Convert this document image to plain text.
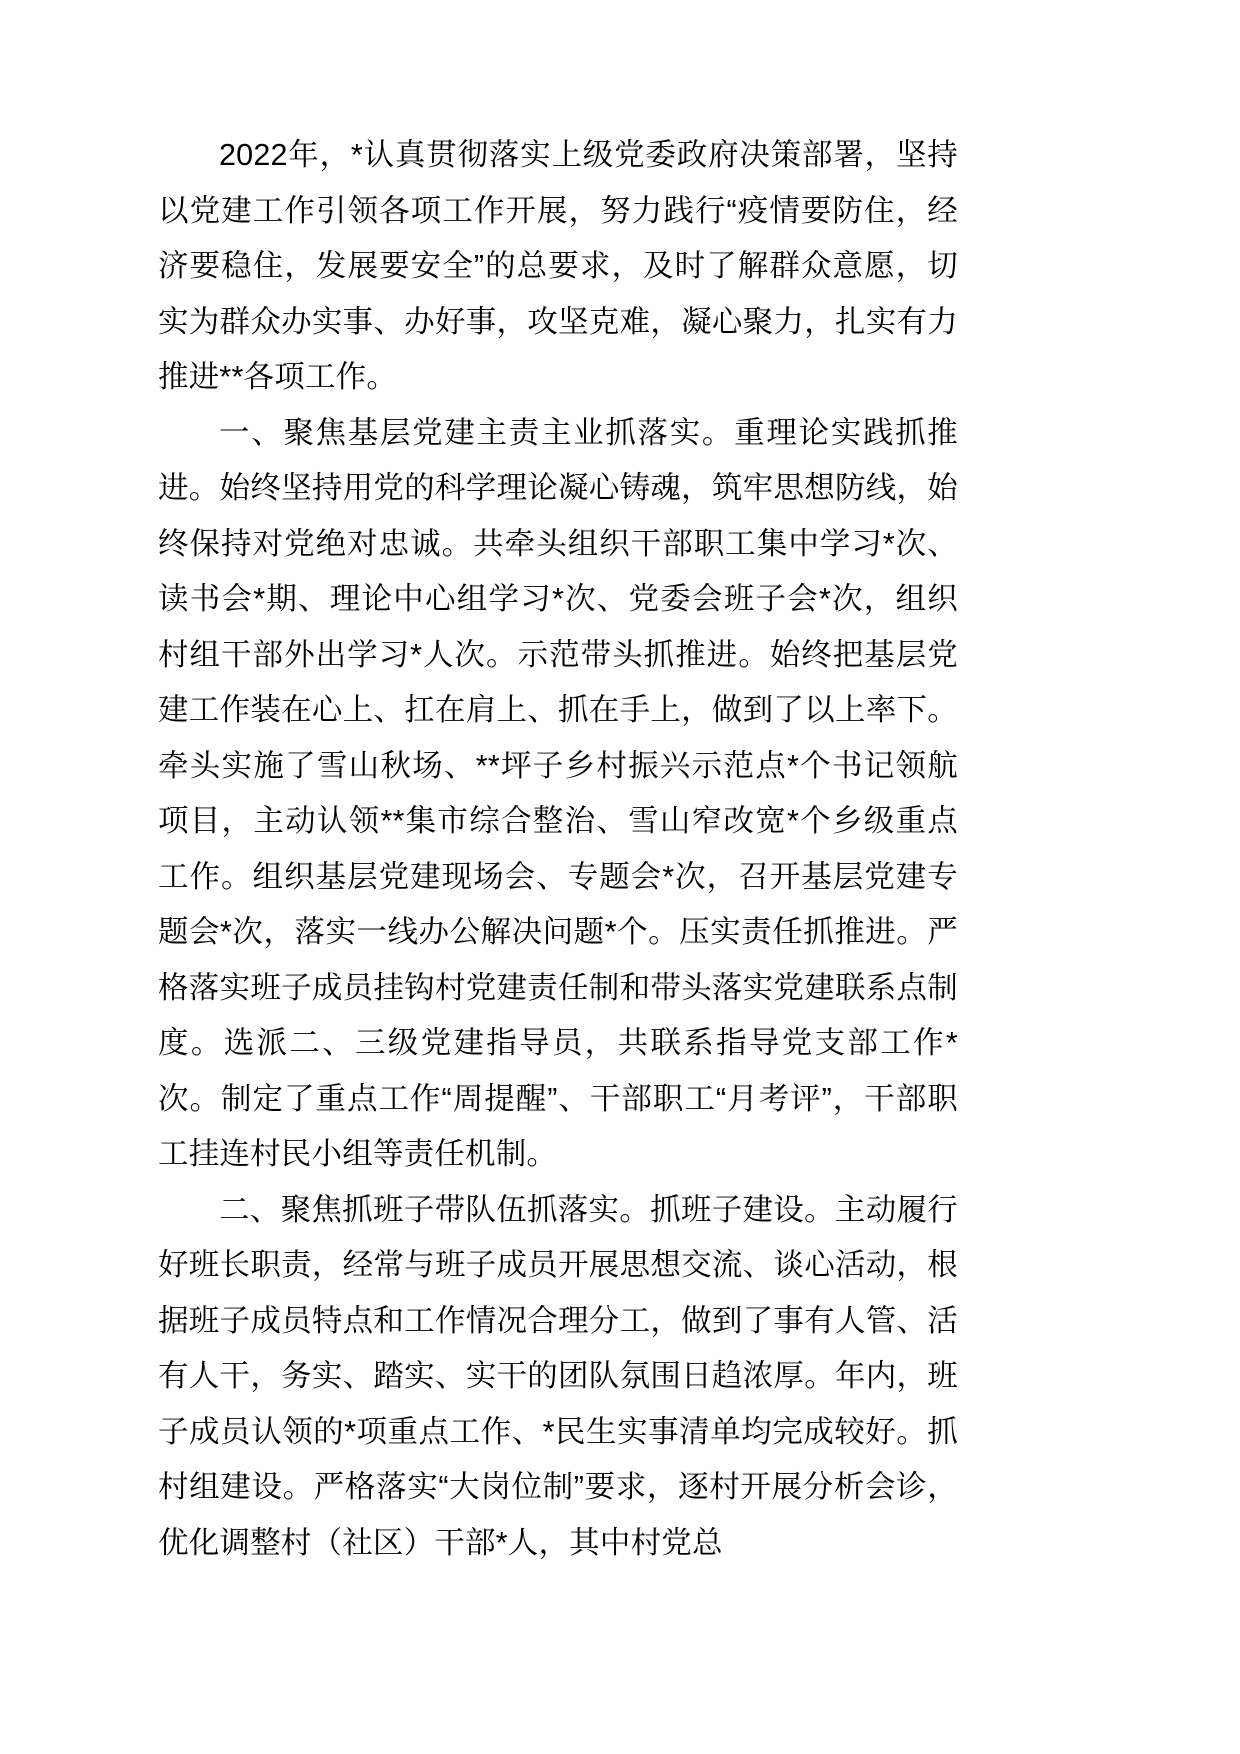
2022年，*认真贯彻落实上级党委政府决策部署，坚持以党建工作引领各项工作开展，努力践行“疫情要防住，经济要稳住，发展要安全”的总要求，及时了解群众意愿，切实为群众办实事、办好事，攻坚克难，凝心聚力，扎实有力推进**各项工作。

一、聚焦基层党建主责主业抓落实。重理论实践抓推进。始终坚持用党的科学理论凝心铸魂，筑牢思想防线，始终保持对党绝对忠诚。共牵头组织干部职工集中学习*次、读书会*期、理论中心组学习*次、党委会班子会*次，组织村组干部外出学习*人次。示范带头抓推进。始终把基层党建工作装在心上、扛在肩上、抓在手上，做到了以上率下。牵头实施了雪山秋场、**坪子乡村振兴示范点*个书记领航项目，主动认领**集市综合整治、雪山窄改宽*个乡级重点工作。组织基层党建现场会、专题会*次，召开基层党建专题会*次，落实一线办公解决问题*个。压实责任抓推进。严格落实班子成员挂钩村党建责任制和带头落实党建联系点制度。选派二、三级党建指导员，共联系指导党支部工作*次。制定了重点工作“周提醒”、干部职工“月考评”，干部职工挂连村民小组等责任机制。

二、聚焦抓班子带队伍抓落实。抓班子建设。主动履行好班长职责，经常与班子成员开展思想交流、谈心活动，根据班子成员特点和工作情况合理分工，做到了事有人管、活有人干，务实、踏实、实干的团队氛围日趋浓厚。年内，班子成员认领的*项重点工作、*民生实事清单均完成较好。抓村组建设。严格落实“大岗位制”要求，逐村开展分析会诊，优化调整村（社区）干部*人，其中村党总
